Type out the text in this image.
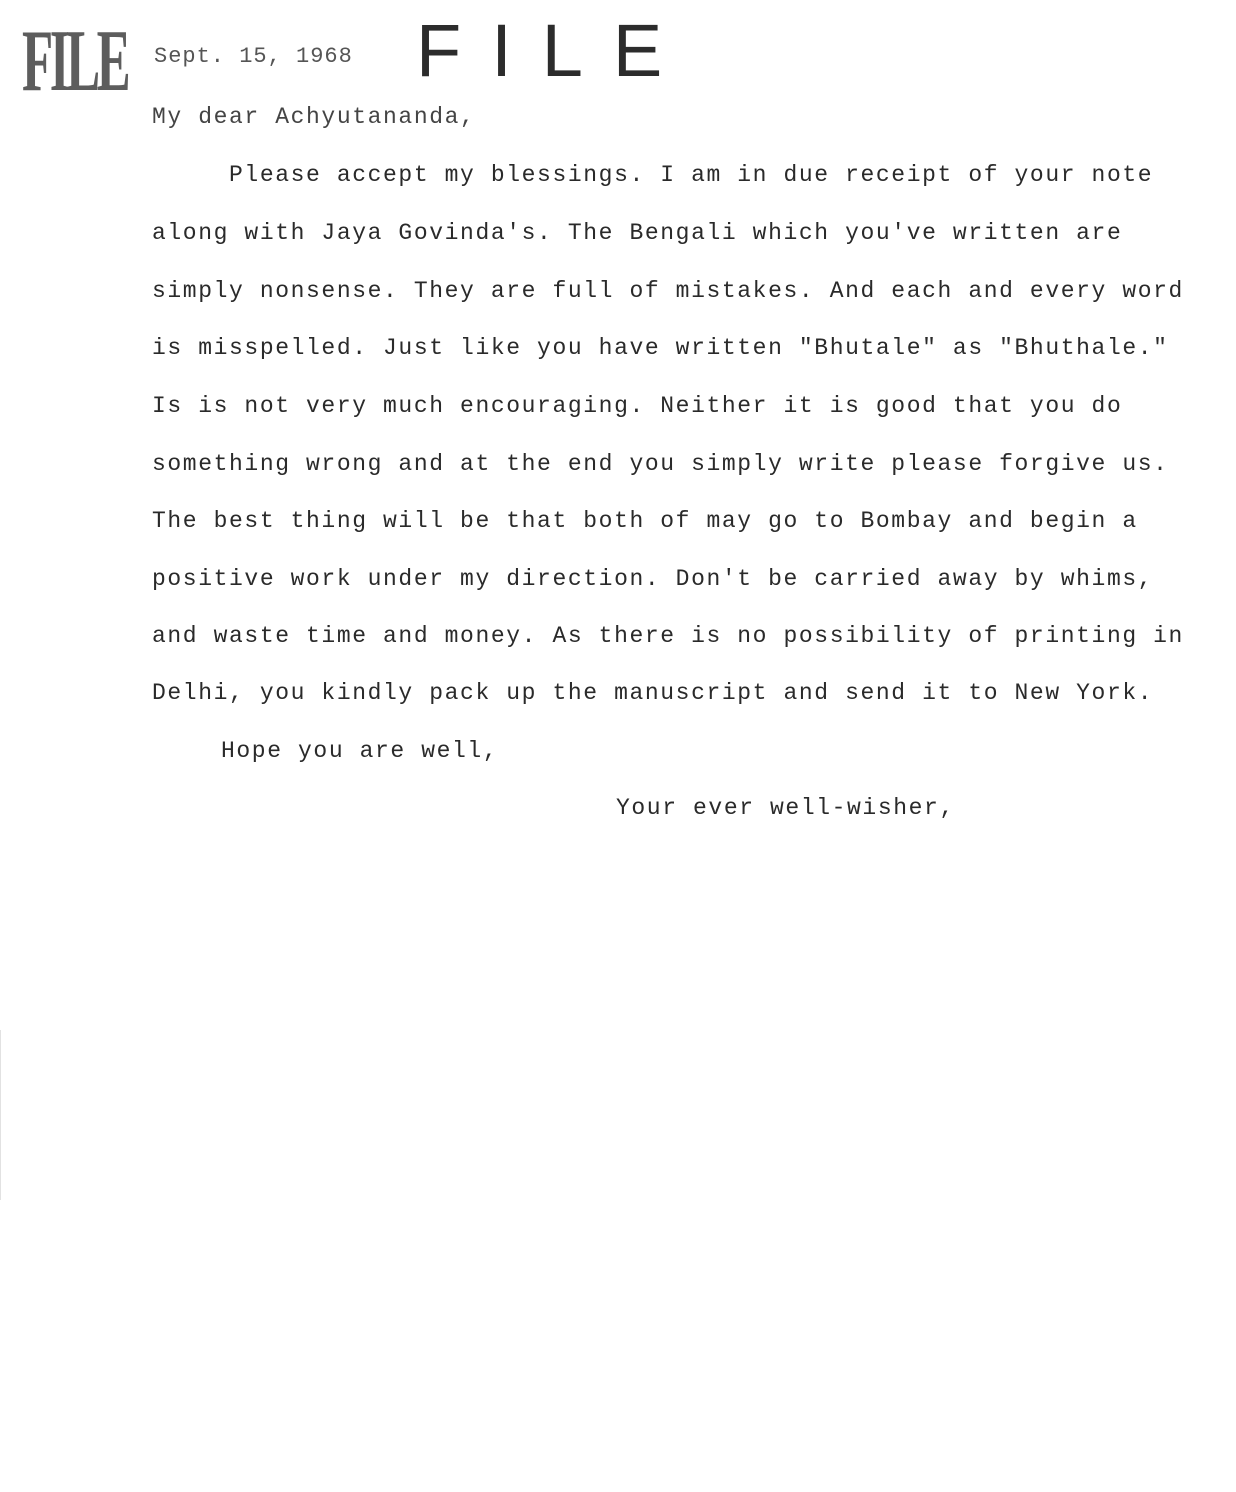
FILE	FILE
Sept. 15, 1968
My dear Achyutananda,
Please accept my blessings. I am in due receipt of your note
along with Jaya Govinda's. The Bengali which you've written are
simply nonsense. They are full of mistakes. And each and every word
is misspelled. Just like you have written "Bhutale" as "Bhuthale."
Is is not very much encouraging. Neither it is good that you do
something wrong and at the end you simply write please forgive us.
The best thing will be that both of may go to Bombay and begin a
positive work under my direction. Don't be carried away by whims,
and waste time and money. As there is no possibility of printing in
Delhi, you kindly pack up the manuscript and send it to New York.
Hope you are well,
Your ever well-wisher,
